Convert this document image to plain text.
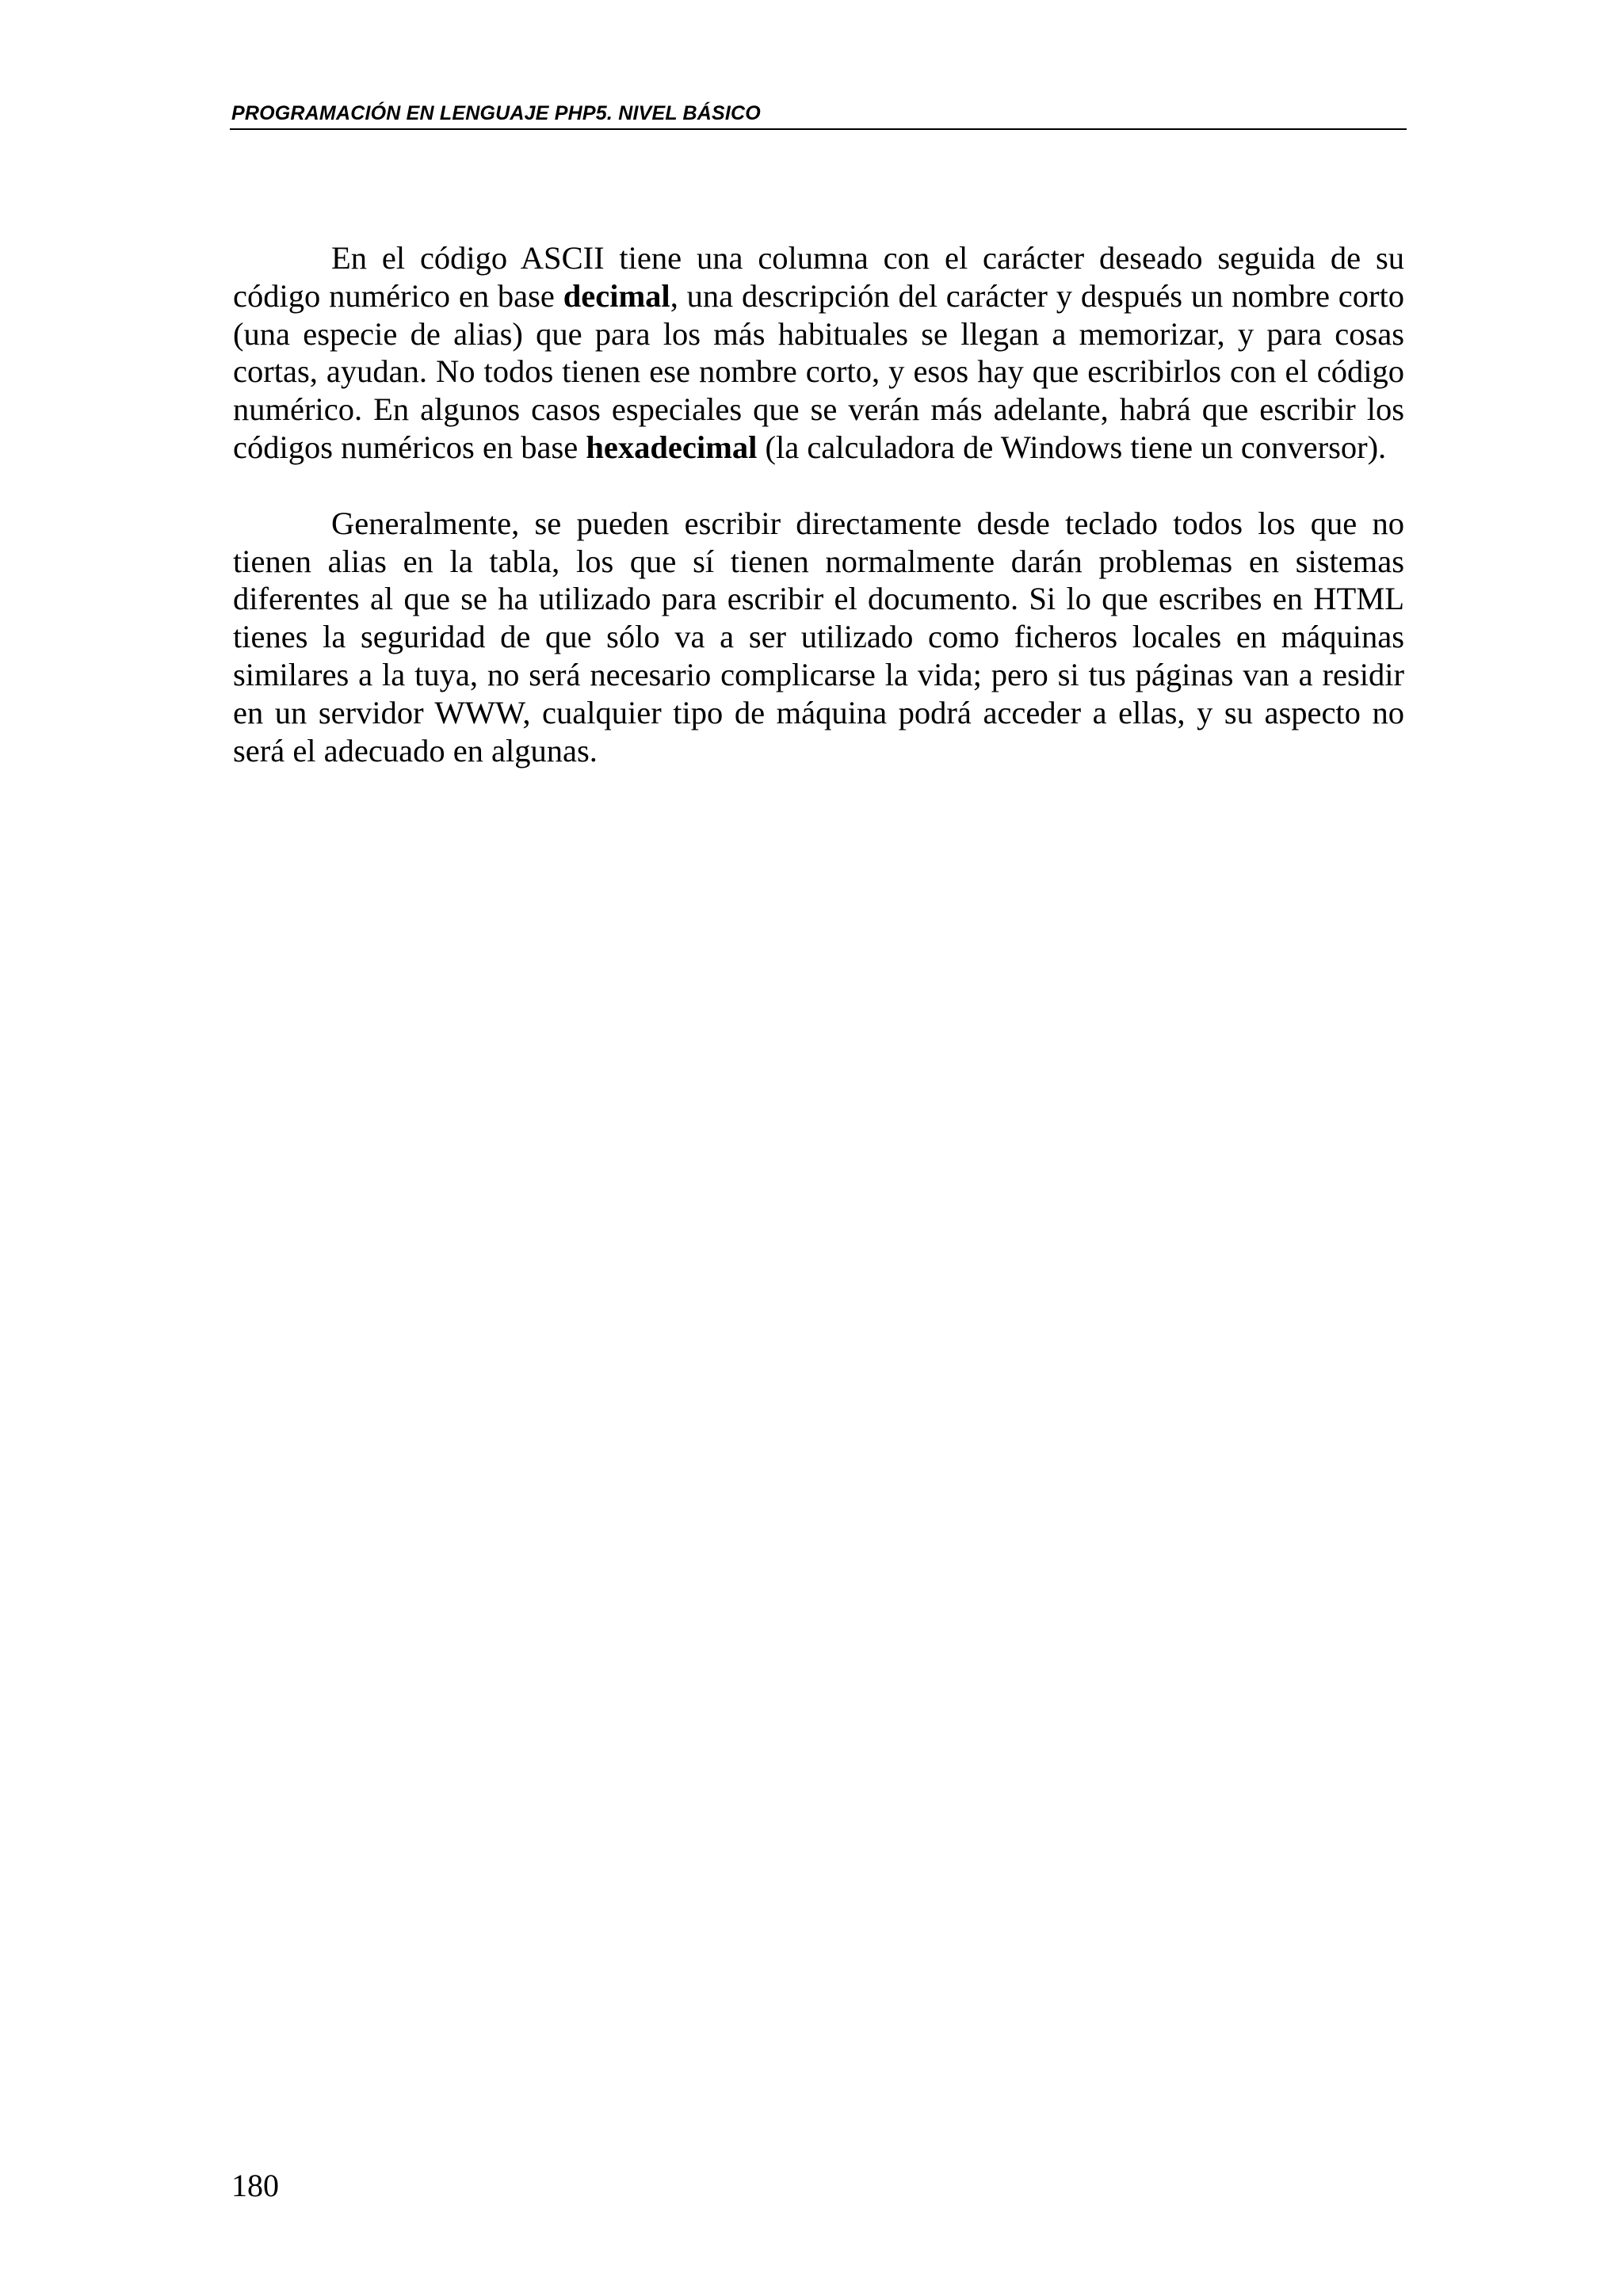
PROGRAMACIÓN EN LENGUAJE PHP5. NIVEL BÁSICO

En el código ASCII tiene una columna con el carácter deseado seguida de su código numérico en base decimal, una descripción del carácter y después un nombre corto (una especie de alias) que para los más habituales se llegan a memorizar, y para cosas cortas, ayudan. No todos tienen ese nombre corto, y esos hay que escribirlos con el código numérico. En algunos casos especiales que se verán más adelante, habrá que escribir los códigos numéricos en base hexadecimal (la calculadora de Windows tiene un conversor).

Generalmente, se pueden escribir directamente desde teclado todos los que no tienen alias en la tabla, los que sí tienen normalmente darán problemas en sistemas diferentes al que se ha utilizado para escribir el documento. Si lo que escribes en HTML tienes la seguridad de que sólo va a ser utilizado como ficheros locales en máquinas similares a la tuya, no será necesario complicarse la vida; pero si tus páginas van a residir en un servidor WWW, cualquier tipo de máquina podrá acceder a ellas, y su aspecto no será el adecuado en algunas.

180
